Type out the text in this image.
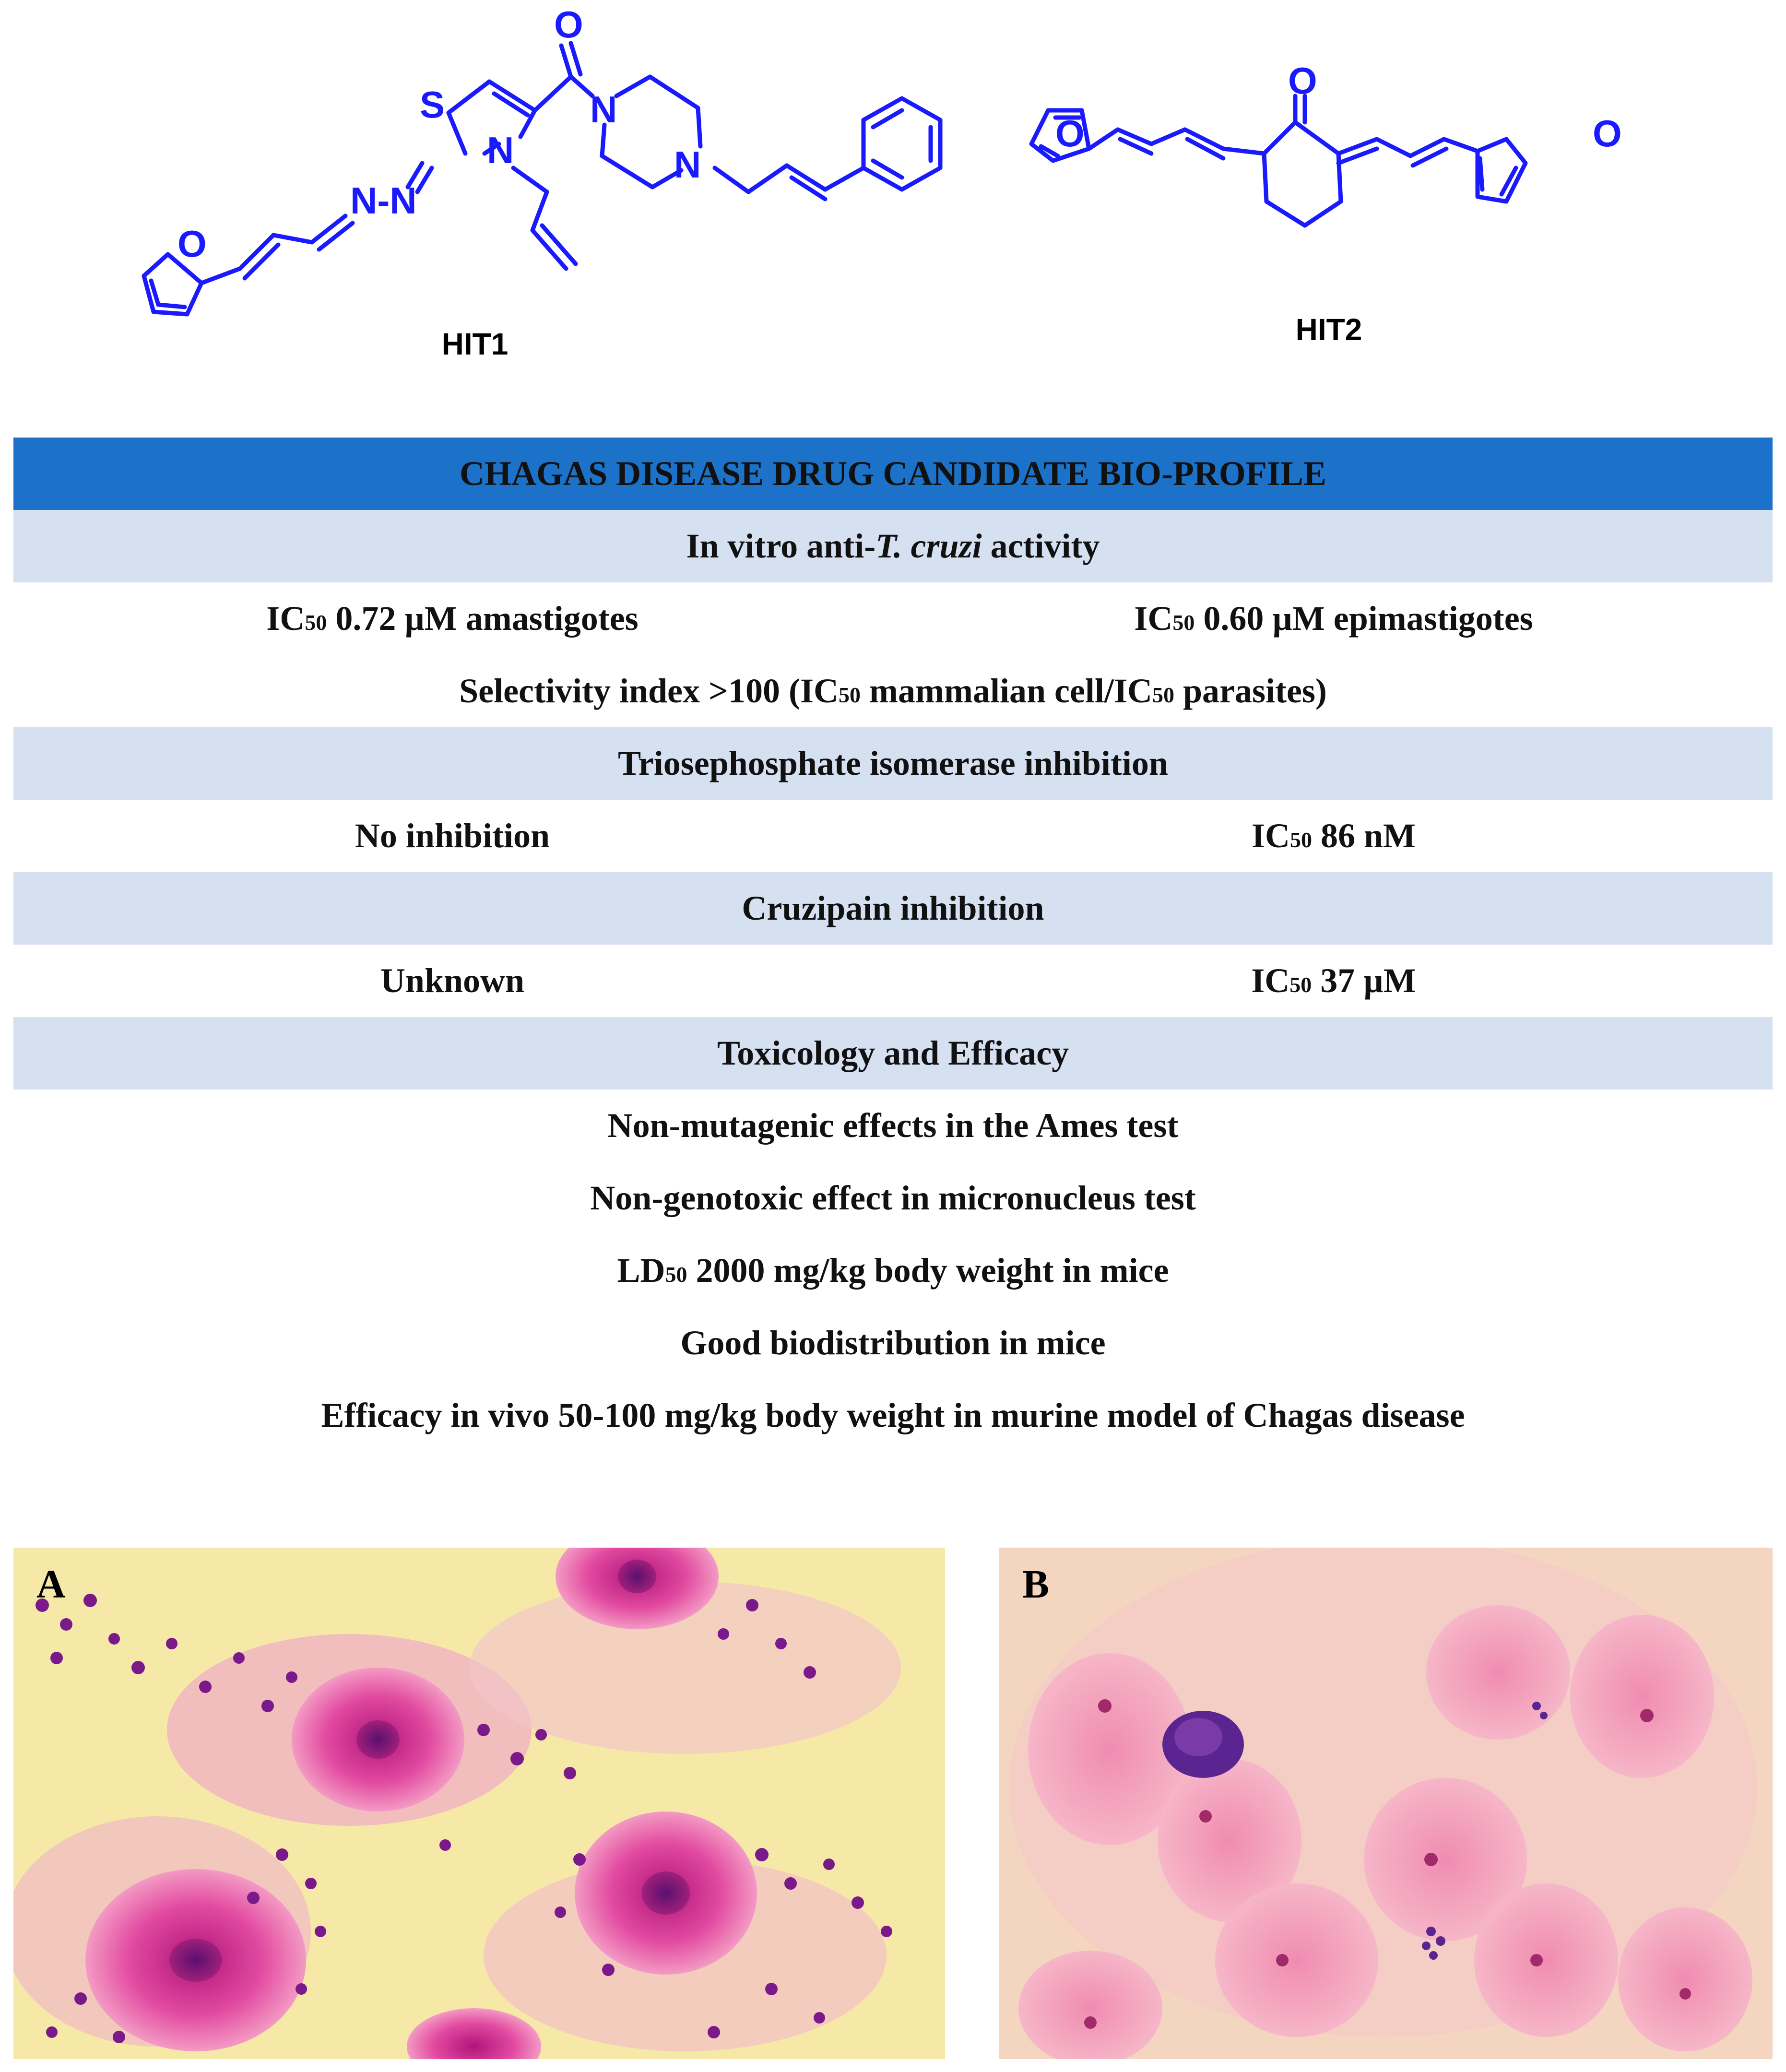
O
S
N
N
N
N-N
O
O
O	O
HIT1	HIT2
CHAGAS DISEASE DRUG CANDIDATE BIO-PROFILE
In vitro anti-T. cruzi activity
IC50 0.72 µM amastigotes	IC50 0.60 µM epimastigotes
Selectivity index >100 (IC50 mammalian cell/IC50 parasites)
Triosephosphate isomerase inhibition
No inhibition	IC50 86 nM
Cruzipain inhibition
Unknown	IC50 37 µM
Toxicology and Efficacy
Non-mutagenic effects in the Ames test
Non-genotoxic effect in micronucleus test
LD50 2000 mg/kg body weight in mice
Good biodistribution in mice
Efficacy in vivo 50-100 mg/kg body weight in murine model of Chagas disease
A	B
